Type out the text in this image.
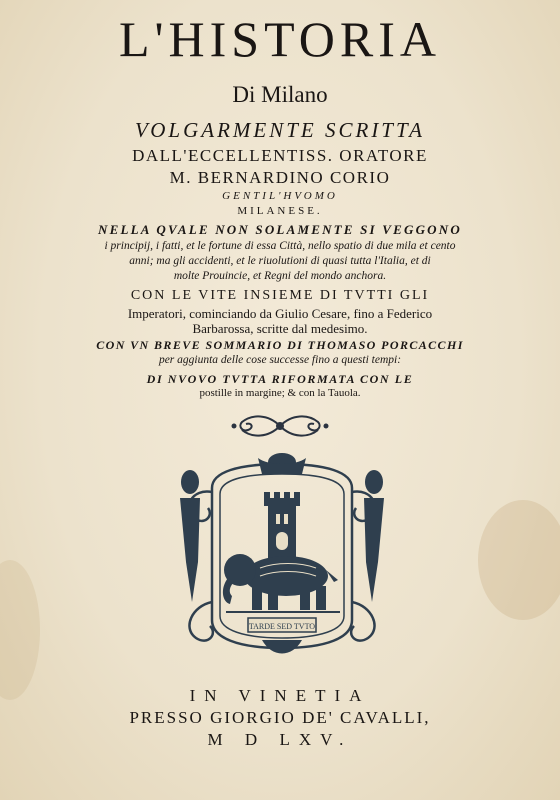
L'HISTORIA
Di Milano
VOLGARMENTE SCRITTA
DALL'ECCELLENTISS. ORATORE
M. BERNARDINO CORIO
GENTIL'HVOMO
MILANESE.
NELLA QVALE NON SOLAMENTE SI VEGGONO
i principij, i fatti, et le fortune di essa Città, nello spatio di due mila et cento
anni; ma gli accidenti, et le riuolutioni di quasi tutta l'Italia, et di
molte Prouincie, et Regni del mondo anchora.
CON LE VITE INSIEME DI TVTTI GLI
Imperatori, cominciando da Giulio Cesare, fino a Federico
Barbarossa, scritte dal medesimo.
CON VN BREVE SOMMARIO DI THOMASO PORCACCHI
per aggiunta delle cose successe fino a questi tempi:
DI NVOVO TVTTA RIFORMATA CON LE
postille in margine; & con la Tauola.
TARDE SED TVTO
IN VINETIA
PRESSO GIORGIO DE' CAVALLI,
M D LXV.
